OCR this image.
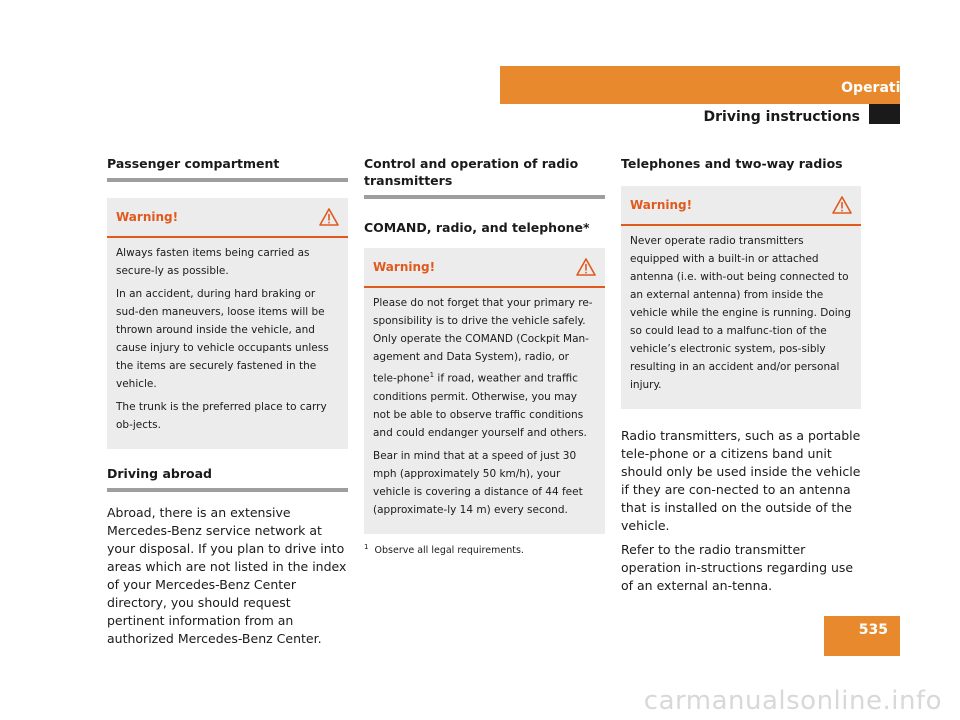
Operation
Driving instructions
Passenger compartment
Warning!

Always fasten items being carried as secure-ly as possible.

In an accident, during hard braking or sud-den maneuvers, loose items will be thrown around inside the vehicle, and cause injury to vehicle occupants unless the items are securely fastened in the vehicle.

The trunk is the preferred place to carry ob-jects.

Driving abroad

Abroad, there is an extensive Mercedes-Benz service network at your disposal. If you plan to drive into areas which are not listed in the index of your Mercedes-Benz Center directory, you should request pertinent information from an authorized Mercedes-Benz Center.

Control and operation of radio transmitters
COMAND, radio, and telephone*
Warning!

Please do not forget that your primary re-sponsibility is to drive the vehicle safely. Only operate the COMAND (Cockpit Man-agement and Data System), radio, or tele-phone$^1$ if road, weather and traffic conditions permit. Otherwise, you may not be able to observe traffic conditions and could endanger yourself and others.

Bear in mind that at a speed of just 30 mph (approximately 50 km/h), your vehicle is covering a distance of 44 feet (approximate-ly 14 m) every second.

$^1$ Observe all legal requirements.
Telephones and two-way radios
Warning!

Never operate radio transmitters equipped with a built-in or attached antenna (i.e. with-out being connected to an external antenna) from inside the vehicle while the engine is running. Doing so could lead to a malfunc-tion of the vehicle’s electronic system, pos-sibly resulting in an accident and/or personal injury.

Radio transmitters, such as a portable tele-phone or a citizens band unit should only be used inside the vehicle if they are con-nected to an antenna that is installed on the outside of the vehicle.

Refer to the radio transmitter operation in-structions regarding use of an external an-tenna.

535
carmanualsonline.info
